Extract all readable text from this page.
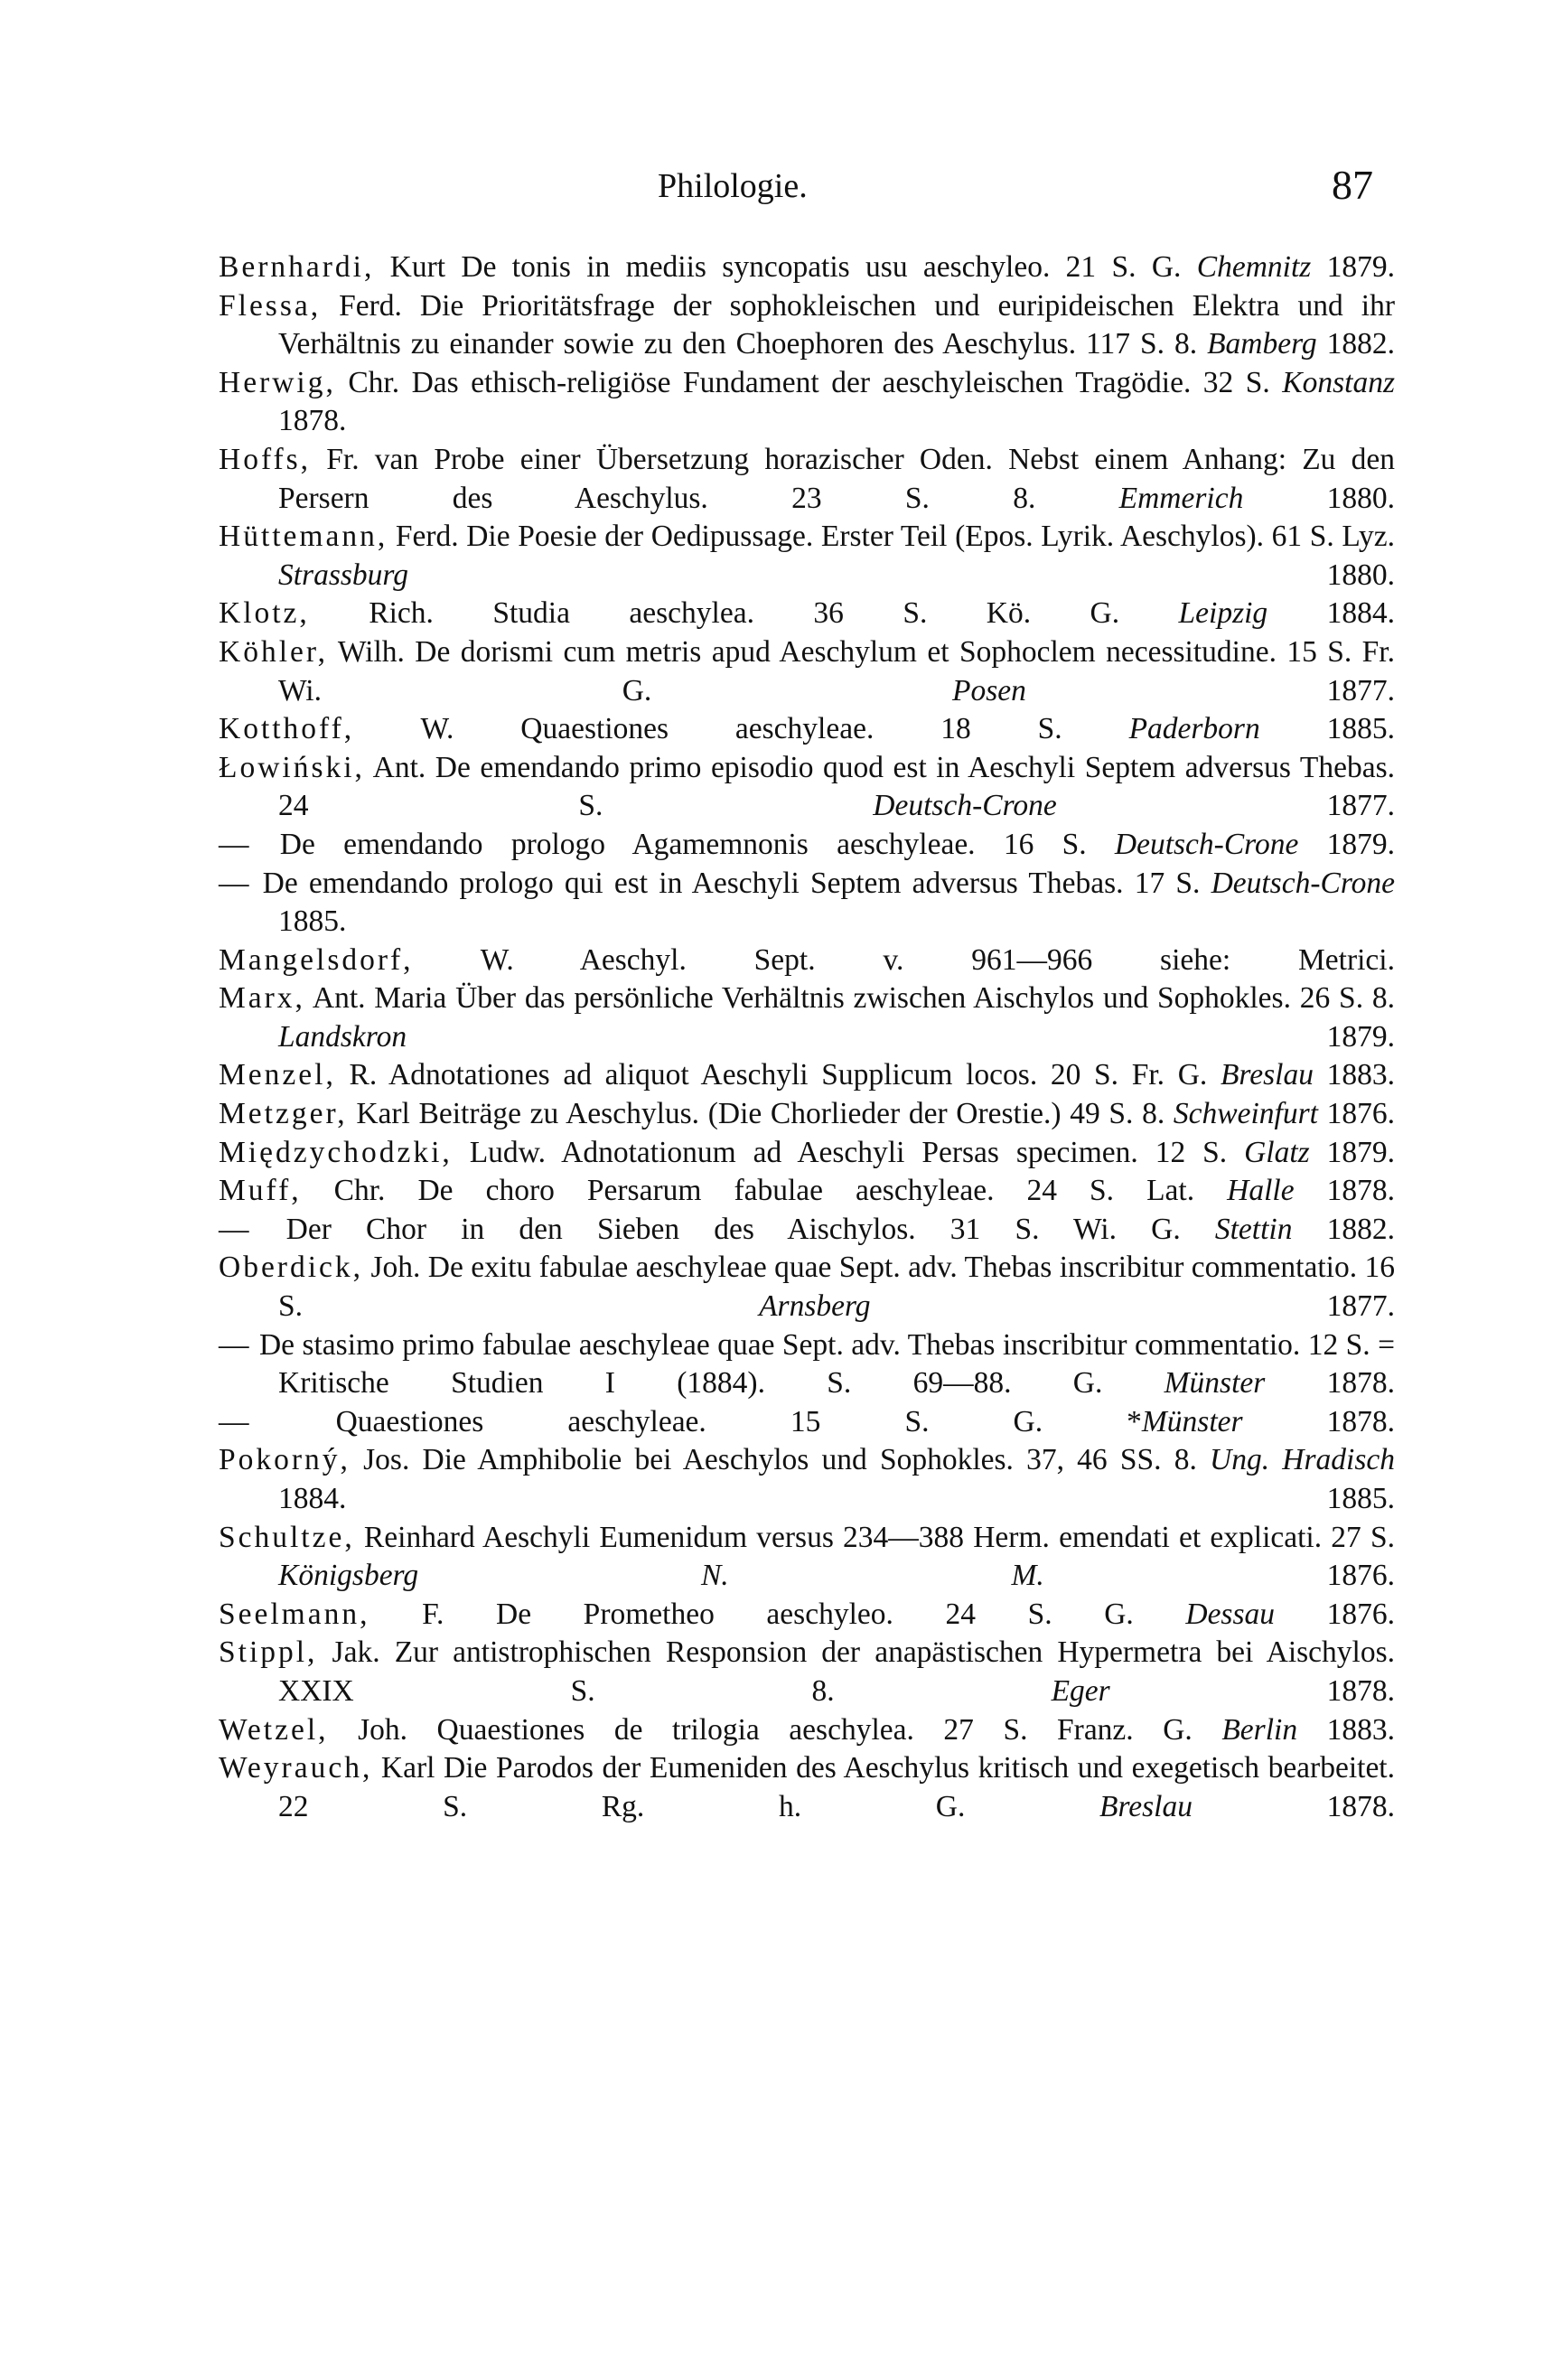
Philologie.	87
Bernhardi, Kurt De tonis in mediis syncopatis usu aeschyleo. 21 S. G. Chemnitz 1879.
Flessa, Ferd. Die Prioritätsfrage der sophokleischen und euripideischen Elektra und ihr Verhältnis zu einander sowie zu den Choephoren des Aeschylus. 117 S. 8. Bamberg 1882.
Herwig, Chr. Das ethisch-religiöse Fundament der aeschyleischen Tragödie. 32 S. Konstanz 1878.
Hoffs, Fr. van Probe einer Übersetzung horazischer Oden. Nebst einem Anhang: Zu den Persern des Aeschylus. 23 S. 8. Emmerich 1880.
Hüttemann, Ferd. Die Poesie der Oedipussage. Erster Teil (Epos. Lyrik. Aeschylos). 61 S. Lyz. Strassburg 1880.
Klotz, Rich. Studia aeschylea. 36 S. Kö. G. Leipzig 1884.
Köhler, Wilh. De dorismi cum metris apud Aeschylum et Sophoclem necessitudine. 15 S. Fr. Wi. G. Posen 1877.
Kotthoff, W. Quaestiones aeschyleae. 18 S. Paderborn 1885.
Łowiński, Ant. De emendando primo episodio quod est in Aeschyli Septem adversus Thebas. 24 S. Deutsch-Crone 1877.
— De emendando prologo Agamemnonis aeschyleae. 16 S. Deutsch-Crone 1879.
— De emendando prologo qui est in Aeschyli Septem adversus Thebas. 17 S. Deutsch-Crone 1885.
Mangelsdorf, W. Aeschyl. Sept. v. 961—966 siehe: Metrici.
Marx, Ant. Maria Über das persönliche Verhältnis zwischen Aischylos und Sophokles. 26 S. 8. Landskron 1879.
Menzel, R. Adnotationes ad aliquot Aeschyli Supplicum locos. 20 S. Fr. G. Breslau 1883.
Metzger, Karl Beiträge zu Aeschylus. (Die Chorlieder der Orestie.) 49 S. 8. Schweinfurt 1876.
Międzychodzki, Ludw. Adnotationum ad Aeschyli Persas specimen. 12 S. Glatz 1879.
Muff, Chr. De choro Persarum fabulae aeschyleae. 24 S. Lat. Halle 1878.
— Der Chor in den Sieben des Aischylos. 31 S. Wi. G. Stettin 1882.
Oberdick, Joh. De exitu fabulae aeschyleae quae Sept. adv. Thebas inscribitur commentatio. 16 S. Arnsberg 1877.
— De stasimo primo fabulae aeschyleae quae Sept. adv. Thebas inscribitur commentatio. 12 S. = Kritische Studien I (1884). S. 69—88. G. Münster 1878.
— Quaestiones aeschyleae. 15 S. G. *Münster 1878.
Pokorný, Jos. Die Amphibolie bei Aeschylos und Sophokles. 37, 46 SS. 8. Ung. Hradisch 1884. 1885.
Schultze, Reinhard Aeschyli Eumenidum versus 234—388 Herm. emendati et explicati. 27 S. Königsberg N. M. 1876.
Seelmann, F. De Prometheo aeschyleo. 24 S. G. Dessau 1876.
Stippl, Jak. Zur antistrophischen Responsion der anapästischen Hypermetra bei Aischylos. XXIX S. 8. Eger 1878.
Wetzel, Joh. Quaestiones de trilogia aeschylea. 27 S. Franz. G. Berlin 1883.
Weyrauch, Karl Die Parodos der Eumeniden des Aeschylus kritisch und exegetisch bearbeitet. 22 S. Rg. h. G. Breslau 1878.
